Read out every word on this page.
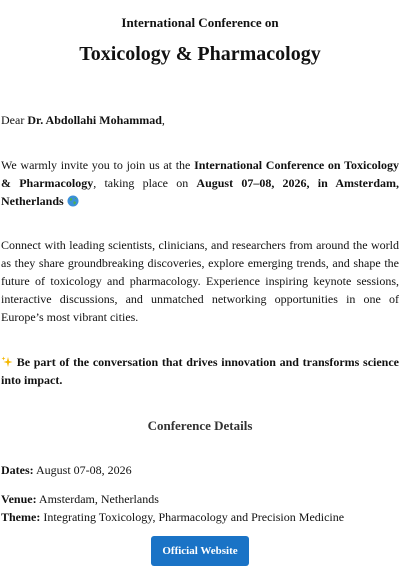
International Conference on
Toxicology & Pharmacology

Dear Dr. Abdollahi Mohammad,

We warmly invite you to join us at the International Conference on Toxicology & Pharmacology, taking place on August 07–08, 2026, in Amsterdam, Netherlands

Connect with leading scientists, clinicians, and researchers from around the world as they share groundbreaking discoveries, explore emerging trends, and shape the future of toxicology and pharmacology. Experience inspiring keynote sessions, interactive discussions, and unmatched networking opportunities in one of Europe’s most vibrant cities.

Be part of the conversation that drives innovation and transforms science into impact.

Conference Details

Dates: August 07-08, 2026

Venue: Amsterdam, Netherlands

Theme: Integrating Toxicology, Pharmacology and Precision Medicine

Official Website
